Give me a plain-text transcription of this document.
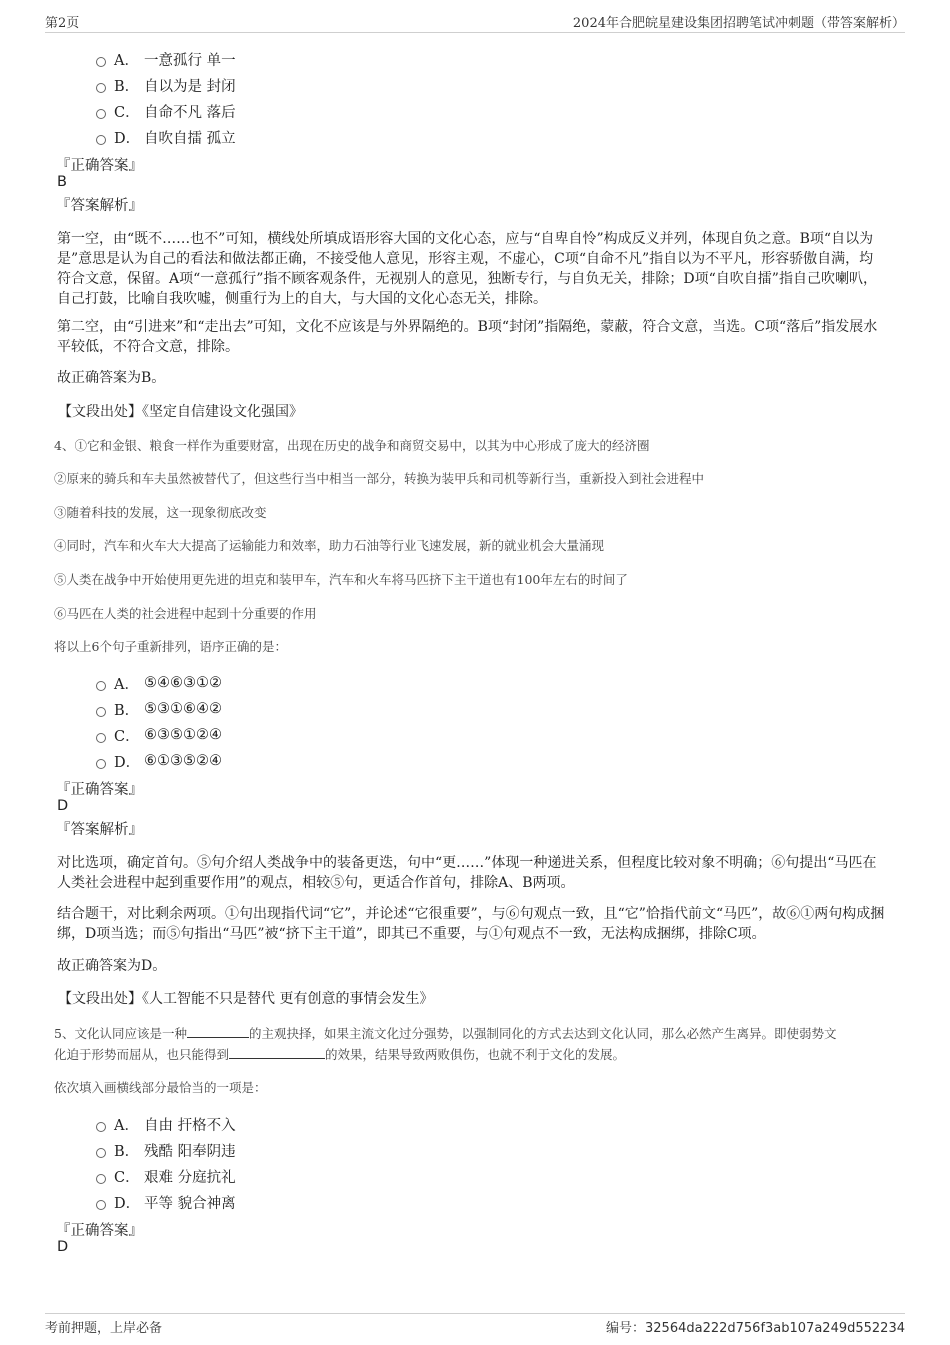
第2页	2024年合肥皖星建设集团招聘笔试冲刺题（带答案解析）
A． 一意孤行 单一
B． 自以为是 封闭
C． 自命不凡 落后
D． 自吹自擂 孤立
『正确答案』
B
『答案解析』
第一空，由“既不……也不”可知，横线处所填成语形容大国的文化心态，应与“自卑自怜”构成反义并列，体现自负之意。B项“自以为是”意思是认为自己的看法和做法都正确，不接受他人意见，形容主观，不虚心，C项“自命不凡”指自以为不平凡，形容骄傲自满，均符合文意，保留。A项“一意孤行”指不顾客观条件，无视别人的意见，独断专行，与自负无关，排除；D项“自吹自擂”指自己吹喇叭，自己打鼓，比喻自我吹嘘，侧重行为上的自大，与大国的文化心态无关，排除。
第二空，由“引进来”和“走出去”可知，文化不应该是与外界隔绝的。B项“封闭”指隔绝，蒙蔽，符合文意，当选。C项“落后”指发展水平较低，不符合文意，排除。
故正确答案为B。
【文段出处】《坚定自信建设文化强国》
4、①它和金银、粮食一样作为重要财富，出现在历史的战争和商贸交易中，以其为中心形成了庞大的经济圈
②原来的骑兵和车夫虽然被替代了，但这些行当中相当一部分，转换为装甲兵和司机等新行当，重新投入到社会进程中
③随着科技的发展，这一现象彻底改变
④同时，汽车和火车大大提高了运输能力和效率，助力石油等行业飞速发展，新的就业机会大量涌现
⑤人类在战争中开始使用更先进的坦克和装甲车，汽车和火车将马匹挤下主干道也有100年左右的时间了
⑥马匹在人类的社会进程中起到十分重要的作用
将以上6个句子重新排列，语序正确的是：
A． ⑤④⑥③①②
B． ⑤③①⑥④②
C． ⑥③⑤①②④
D． ⑥①③⑤②④
『正确答案』
D
『答案解析』
对比选项，确定首句。⑤句介绍人类战争中的装备更迭，句中“更……”体现一种递进关系，但程度比较对象不明确；⑥句提出“马匹在人类社会进程中起到重要作用”的观点，相较⑤句，更适合作首句，排除A、B两项。
结合题干，对比剩余两项。①句出现指代词“它”，并论述“它很重要”，与⑥句观点一致，且“它”恰指代前文“马匹”，故⑥①两句构成捆绑，D项当选；而⑤句指出“马匹”被“挤下主干道”，即其已不重要，与①句观点不一致，无法构成捆绑，排除C项。
故正确答案为D。
【文段出处】《人工智能不只是替代 更有创意的事情会发生》
5、文化认同应该是一种	的主观抉择，如果主流文化过分强势，以强制同化的方式去达到文化认同，那么必然产生离异。即使弱势文
化迫于形势而屈从，也只能得到	的效果，结果导致两败俱伤，也就不利于文化的发展。
依次填入画横线部分最恰当的一项是：
A． 自由 扞格不入
B． 残酷 阳奉阴违
C． 艰难 分庭抗礼
D． 平等 貌合神离
『正确答案』
D
考前押题，上岸必备	编号：32564da222d756f3ab107a249d552234
